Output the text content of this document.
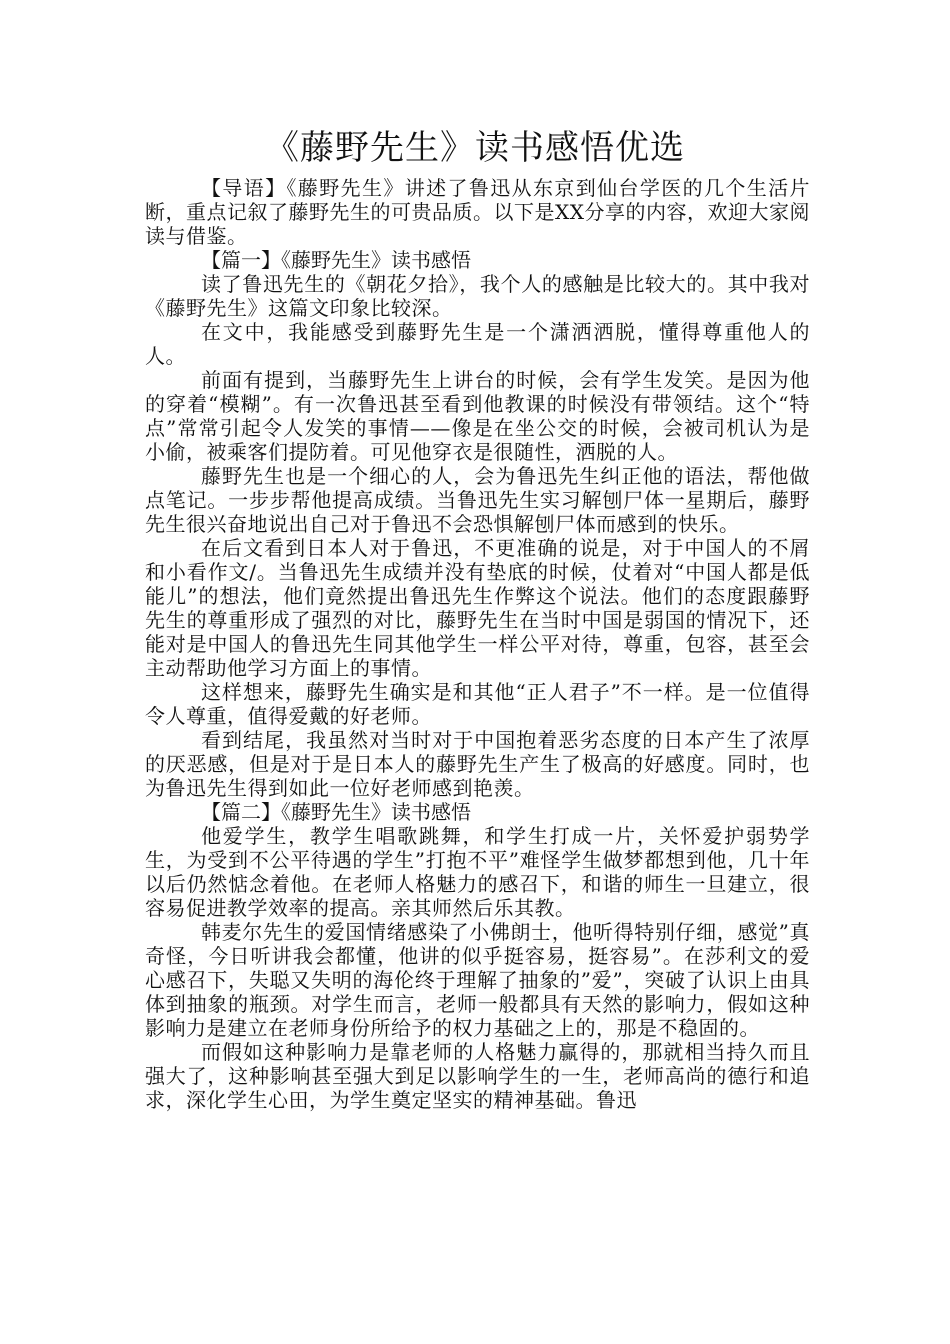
《藤野先生》读书感悟优选

【导语】《藤野先生》讲述了鲁迅从东京到仙台学医的几个生活片断，重点记叙了藤野先生的可贵品质。以下是XX分享的内容，欢迎大家阅读与借鉴。

【篇一】《藤野先生》读书感悟

读了鲁迅先生的《朝花夕拾》，我个人的感触是比较大的。其中我对《藤野先生》这篇文印象比较深。

在文中，我能感受到藤野先生是一个潇洒洒脱，懂得尊重他人的人。

前面有提到，当藤野先生上讲台的时候，会有学生发笑。是因为他的穿着“模糊”。有一次鲁迅甚至看到他教课的时候没有带领结。这个“特点”常常引起令人发笑的事情——像是在坐公交的时候，会被司机认为是小偷，被乘客们提防着。可见他穿衣是很随性，洒脱的人。

藤野先生也是一个细心的人，会为鲁迅先生纠正他的语法，帮他做点笔记。一步步帮他提高成绩。当鲁迅先生实习解刨尸体一星期后，藤野先生很兴奋地说出自己对于鲁迅不会恐惧解刨尸体而感到的快乐。

在后文看到日本人对于鲁迅，不更准确的说是，对于中国人的不屑和小看作文/。当鲁迅先生成绩并没有垫底的时候，仗着对“中国人都是低能儿”的想法，他们竟然提出鲁迅先生作弊这个说法。他们的态度跟藤野先生的尊重形成了强烈的对比，藤野先生在当时中国是弱国的情况下，还能对是中国人的鲁迅先生同其他学生一样公平对待，尊重，包容，甚至会主动帮助他学习方面上的事情。

这样想来，藤野先生确实是和其他“正人君子”不一样。是一位值得令人尊重，值得爱戴的好老师。

看到结尾，我虽然对当时对于中国抱着恶劣态度的日本产生了浓厚的厌恶感，但是对于是日本人的藤野先生产生了极高的好感度。同时，也为鲁迅先生得到如此一位好老师感到艳羡。

【篇二】《藤野先生》读书感悟

他爱学生，教学生唱歌跳舞，和学生打成一片，关怀爱护弱势学生，为受到不公平待遇的学生”打抱不平”难怪学生做梦都想到他，几十年以后仍然惦念着他。在老师人格魅力的感召下，和谐的师生一旦建立，很容易促进教学效率的提高。亲其师然后乐其教。

韩麦尔先生的爱国情绪感染了小佛朗士，他听得特别仔细，感觉”真奇怪，今日听讲我会都懂，他讲的似乎挺容易，挺容易”。在莎利文的爱心感召下，失聪又失明的海伦终于理解了抽象的”爱”，突破了认识上由具体到抽象的瓶颈。对学生而言，老师一般都具有天然的影响力，假如这种影响力是建立在老师身份所给予的权力基础之上的，那是不稳固的。

而假如这种影响力是靠老师的人格魅力赢得的，那就相当持久而且强大了，这种影响甚至强大到足以影响学生的一生，老师高尚的德行和追求，深化学生心田，为学生奠定坚实的精神基础。鲁迅
